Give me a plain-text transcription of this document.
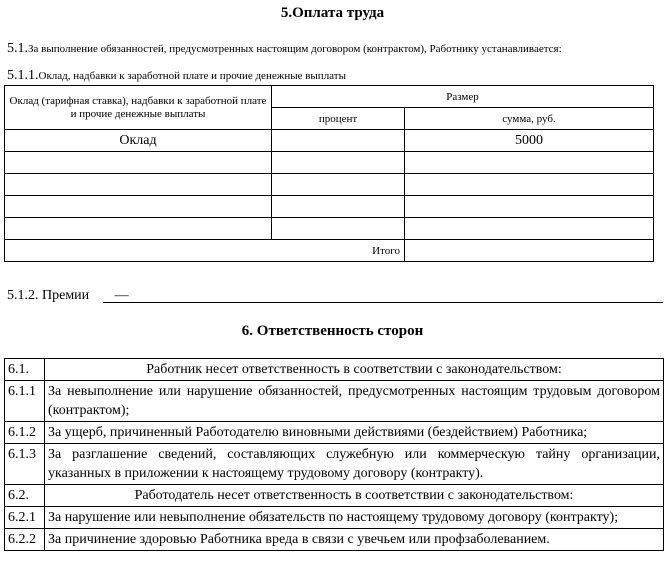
5.Оплата труда
5.1.За выполнение обязанностей, предусмотренных настоящим договором (контрактом), Работнику устанавливается:
5.1.1.Оклад, надбавки к заработной плате и прочие денежные выплаты
Оклад (тарифная ставка), надбавки к заработной плате и прочие денежные выплаты	Размер	
	процент	сумма, руб.
Оклад		5000

	Итого	
5.1.2. Премии —
6. Ответственность сторон
6.1.	Работник несет ответственность в соответствии с законодательством:
6.1.1	За невыполнение или нарушение обязанностей, предусмотренных настоящим трудовым договором (контрактом);
6.1.2	За ущерб, причиненный Работодателю виновными действиями (бездействием) Работника;
6.1.3	За разглашение сведений, составляющих служебную или коммерческую тайну организации, указанных в приложении к настоящему трудовому договору (контракту).
6.2.	Работодатель несет ответственность в соответствии с законодательством:
6.2.1	За нарушение или невыполнение обязательств по настоящему трудовому договору (контракту);
6.2.2	За причинение здоровью Работника вреда в связи с увечьем или профзаболеванием.
